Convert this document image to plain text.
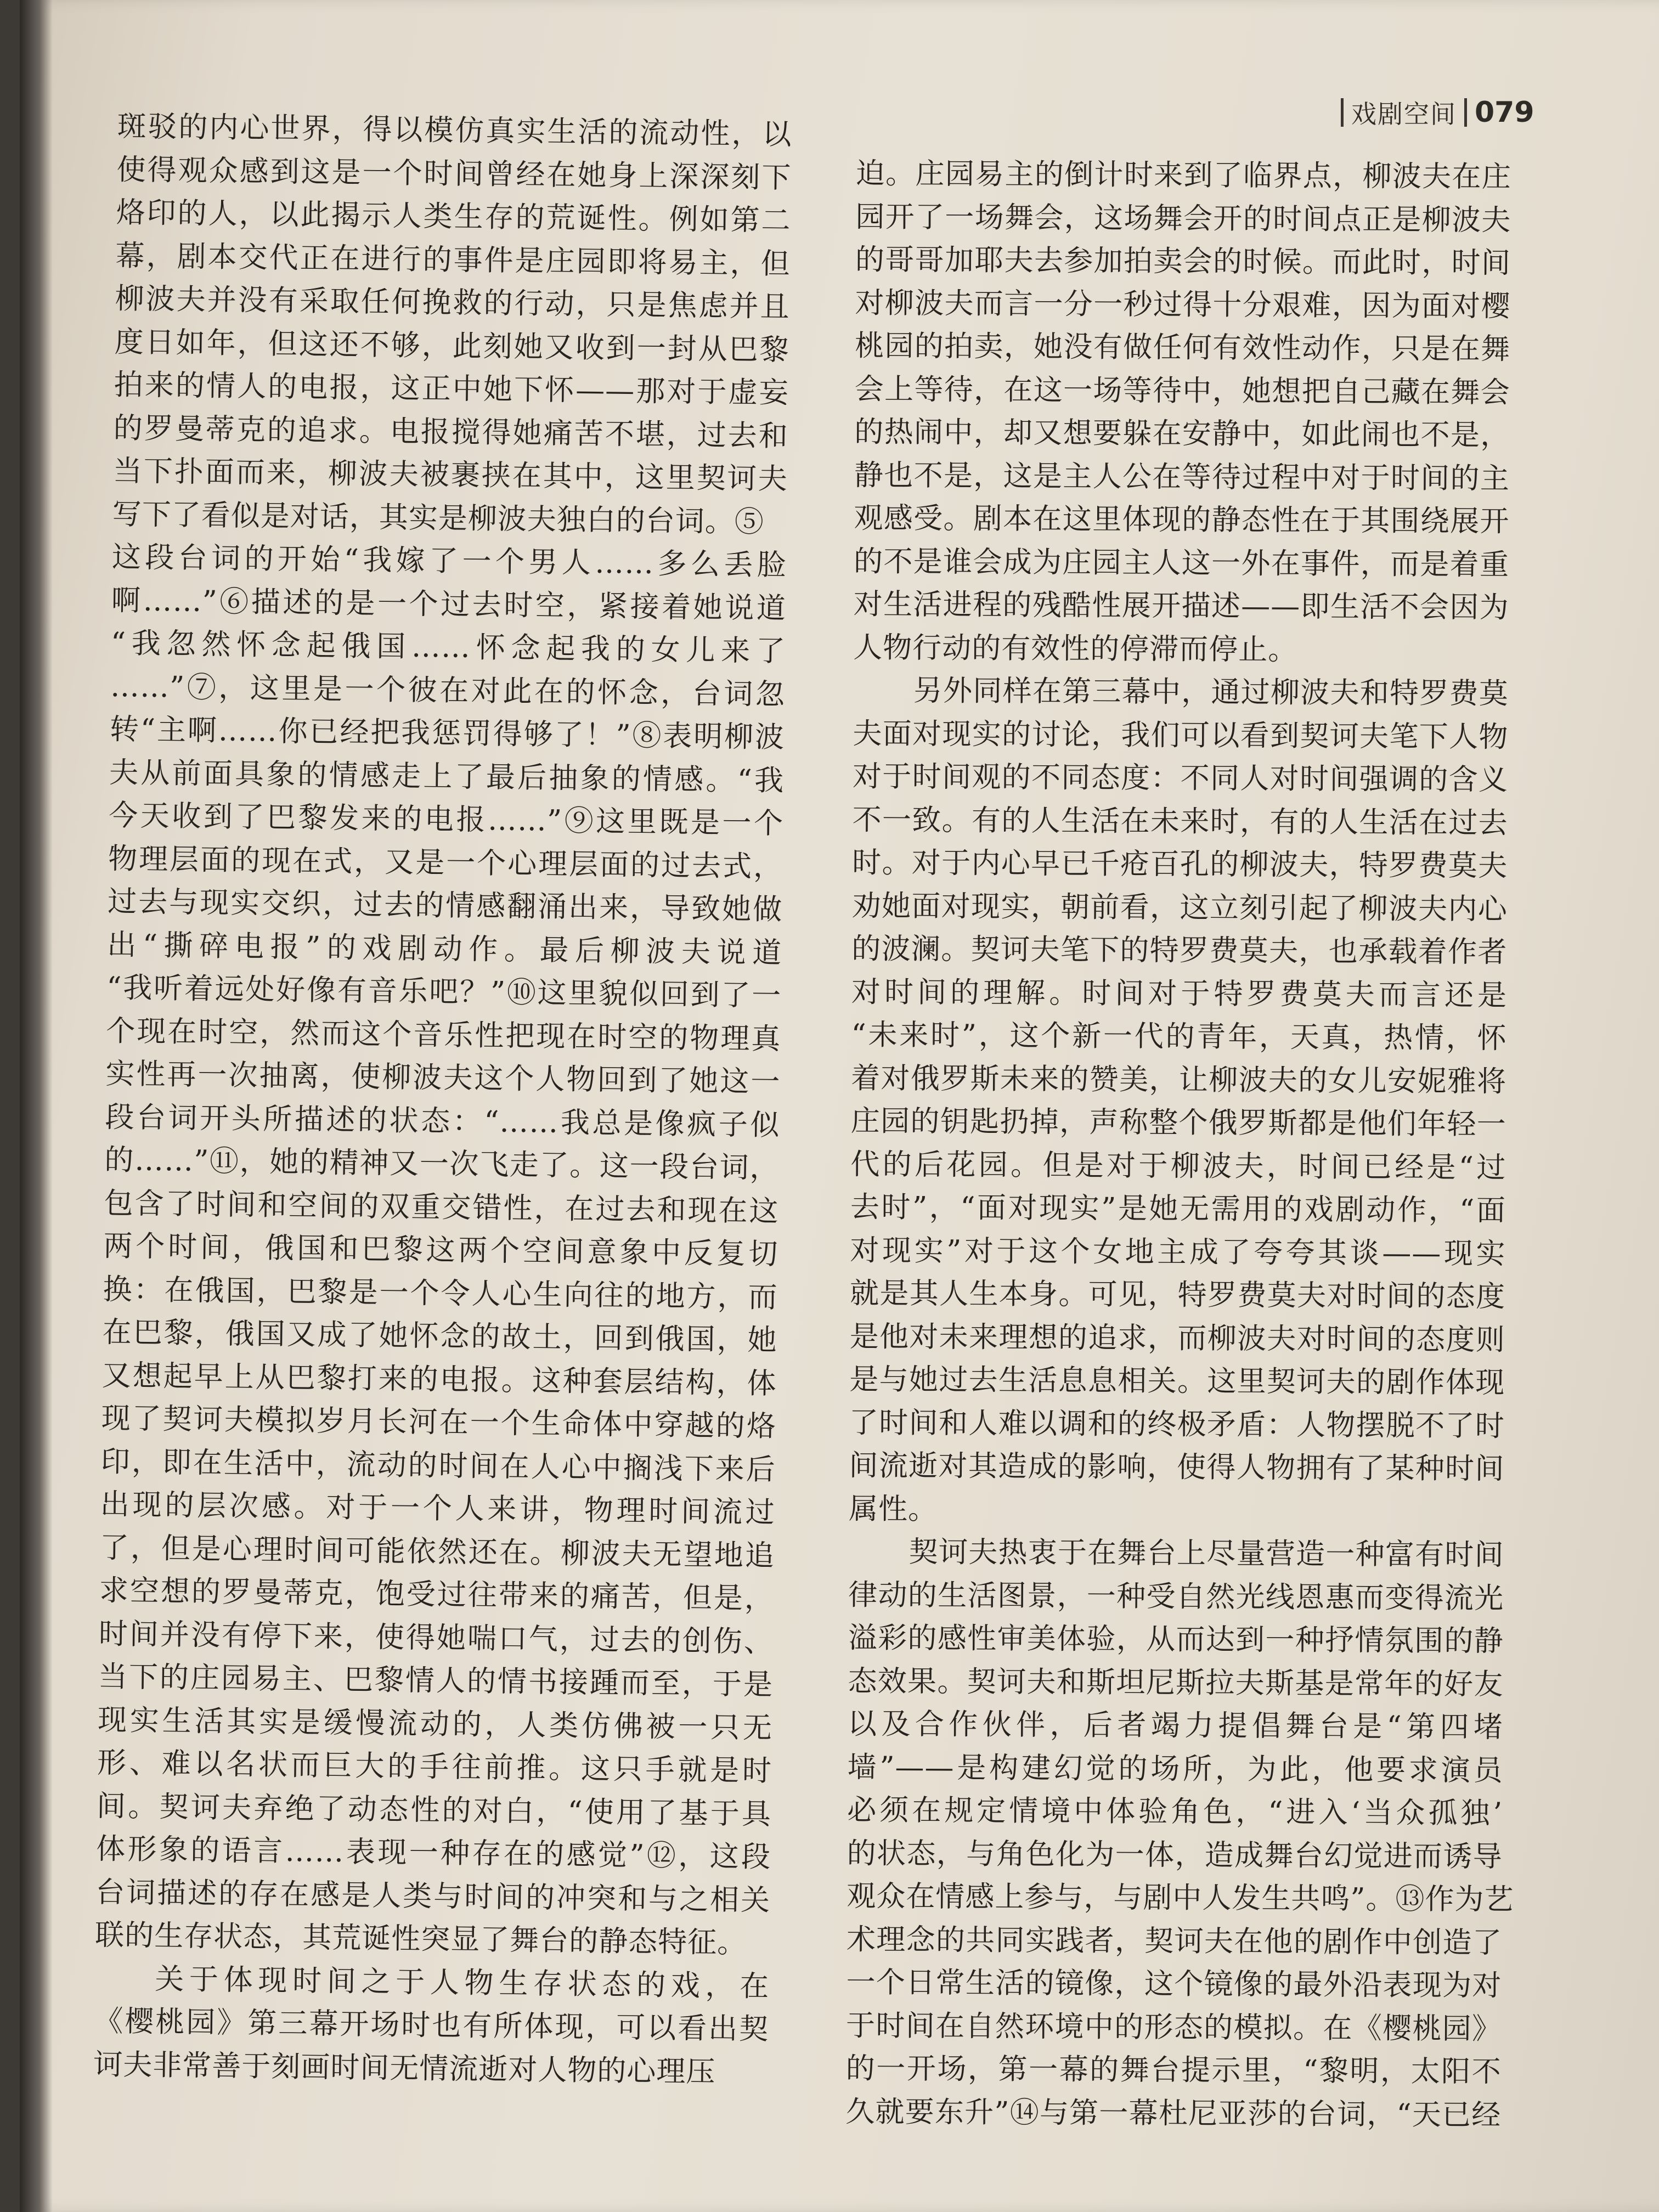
戏剧空间 079

斑驳的内心世界，得以模仿真实生活的流动性，以

使得观众感到这是一个时间曾经在她身上深深刻下

烙印的人，以此揭示人类生存的荒诞性。例如第二

幕，剧本交代正在进行的事件是庄园即将易主，但

柳波夫并没有采取任何挽救的行动，只是焦虑并且

度日如年，但这还不够，此刻她又收到一封从巴黎

拍来的情人的电报，这正中她下怀——那对于虚妄

的罗曼蒂克的追求。电报搅得她痛苦不堪，过去和

当下扑面而来，柳波夫被裹挟在其中，这里契诃夫

写下了看似是对话，其实是柳波夫独白的台词。⑤

这段台词的开始“我嫁了一个男人……多么丢脸

啊……”⑥描述的是一个过去时空，紧接着她说道

“我忽然怀念起俄国……怀念起我的女儿来了

……”⑦，这里是一个彼在对此在的怀念，台词忽

转“主啊……你已经把我惩罚得够了！”⑧表明柳波

夫从前面具象的情感走上了最后抽象的情感。“我

今天收到了巴黎发来的电报……”⑨这里既是一个

物理层面的现在式，又是一个心理层面的过去式，

过去与现实交织，过去的情感翻涌出来，导致她做

出“撕碎电报”的戏剧动作。最后柳波夫说道

“我听着远处好像有音乐吧？”⑩这里貌似回到了一

个现在时空，然而这个音乐性把现在时空的物理真

实性再一次抽离，使柳波夫这个人物回到了她这一

段台词开头所描述的状态：“……我总是像疯子似

的……”⑪，她的精神又一次飞走了。这一段台词，

包含了时间和空间的双重交错性，在过去和现在这

两个时间，俄国和巴黎这两个空间意象中反复切

换：在俄国，巴黎是一个令人心生向往的地方，而

在巴黎，俄国又成了她怀念的故土，回到俄国，她

又想起早上从巴黎打来的电报。这种套层结构，体

现了契诃夫模拟岁月长河在一个生命体中穿越的烙

印，即在生活中，流动的时间在人心中搁浅下来后

出现的层次感。对于一个人来讲，物理时间流过

了，但是心理时间可能依然还在。柳波夫无望地追

求空想的罗曼蒂克，饱受过往带来的痛苦，但是，

时间并没有停下来，使得她喘口气，过去的创伤、

当下的庄园易主、巴黎情人的情书接踵而至，于是

现实生活其实是缓慢流动的，人类仿佛被一只无

形、难以名状而巨大的手往前推。这只手就是时

间。契诃夫弃绝了动态性的对白，“使用了基于具

体形象的语言……表现一种存在的感觉”⑫，这段

台词描述的存在感是人类与时间的冲突和与之相关

联的生存状态，其荒诞性突显了舞台的静态特征。

关于体现时间之于人物生存状态的戏，在

《樱桃园》第三幕开场时也有所体现，可以看出契

诃夫非常善于刻画时间无情流逝对人物的心理压

迫。庄园易主的倒计时来到了临界点，柳波夫在庄

园开了一场舞会，这场舞会开的时间点正是柳波夫

的哥哥加耶夫去参加拍卖会的时候。而此时，时间

对柳波夫而言一分一秒过得十分艰难，因为面对樱

桃园的拍卖，她没有做任何有效性动作，只是在舞

会上等待，在这一场等待中，她想把自己藏在舞会

的热闹中，却又想要躲在安静中，如此闹也不是，

静也不是，这是主人公在等待过程中对于时间的主

观感受。剧本在这里体现的静态性在于其围绕展开

的不是谁会成为庄园主人这一外在事件，而是着重

对生活进程的残酷性展开描述——即生活不会因为

人物行动的有效性的停滞而停止。

另外同样在第三幕中，通过柳波夫和特罗费莫

夫面对现实的讨论，我们可以看到契诃夫笔下人物

对于时间观的不同态度：不同人对时间强调的含义

不一致。有的人生活在未来时，有的人生活在过去

时。对于内心早已千疮百孔的柳波夫，特罗费莫夫

劝她面对现实，朝前看，这立刻引起了柳波夫内心

的波澜。契诃夫笔下的特罗费莫夫，也承载着作者

对时间的理解。时间对于特罗费莫夫而言还是

“未来时”，这个新一代的青年，天真，热情，怀

着对俄罗斯未来的赞美，让柳波夫的女儿安妮雅将

庄园的钥匙扔掉，声称整个俄罗斯都是他们年轻一

代的后花园。但是对于柳波夫，时间已经是“过

去时”，“面对现实”是她无需用的戏剧动作，“面

对现实”对于这个女地主成了夸夸其谈——现实

就是其人生本身。可见，特罗费莫夫对时间的态度

是他对未来理想的追求，而柳波夫对时间的态度则

是与她过去生活息息相关。这里契诃夫的剧作体现

了时间和人难以调和的终极矛盾：人物摆脱不了时

间流逝对其造成的影响，使得人物拥有了某种时间

属性。

契诃夫热衷于在舞台上尽量营造一种富有时间

律动的生活图景，一种受自然光线恩惠而变得流光

溢彩的感性审美体验，从而达到一种抒情氛围的静

态效果。契诃夫和斯坦尼斯拉夫斯基是常年的好友

以及合作伙伴，后者竭力提倡舞台是“第四堵

墙”——是构建幻觉的场所，为此，他要求演员

必须在规定情境中体验角色，“进入‘当众孤独’

的状态，与角色化为一体，造成舞台幻觉进而诱导

观众在情感上参与，与剧中人发生共鸣”。⑬作为艺

术理念的共同实践者，契诃夫在他的剧作中创造了

一个日常生活的镜像，这个镜像的最外沿表现为对

于时间在自然环境中的形态的模拟。在《樱桃园》

的一开场，第一幕的舞台提示里，“黎明，太阳不

久就要东升”⑭与第一幕杜尼亚莎的台词，“天已经
